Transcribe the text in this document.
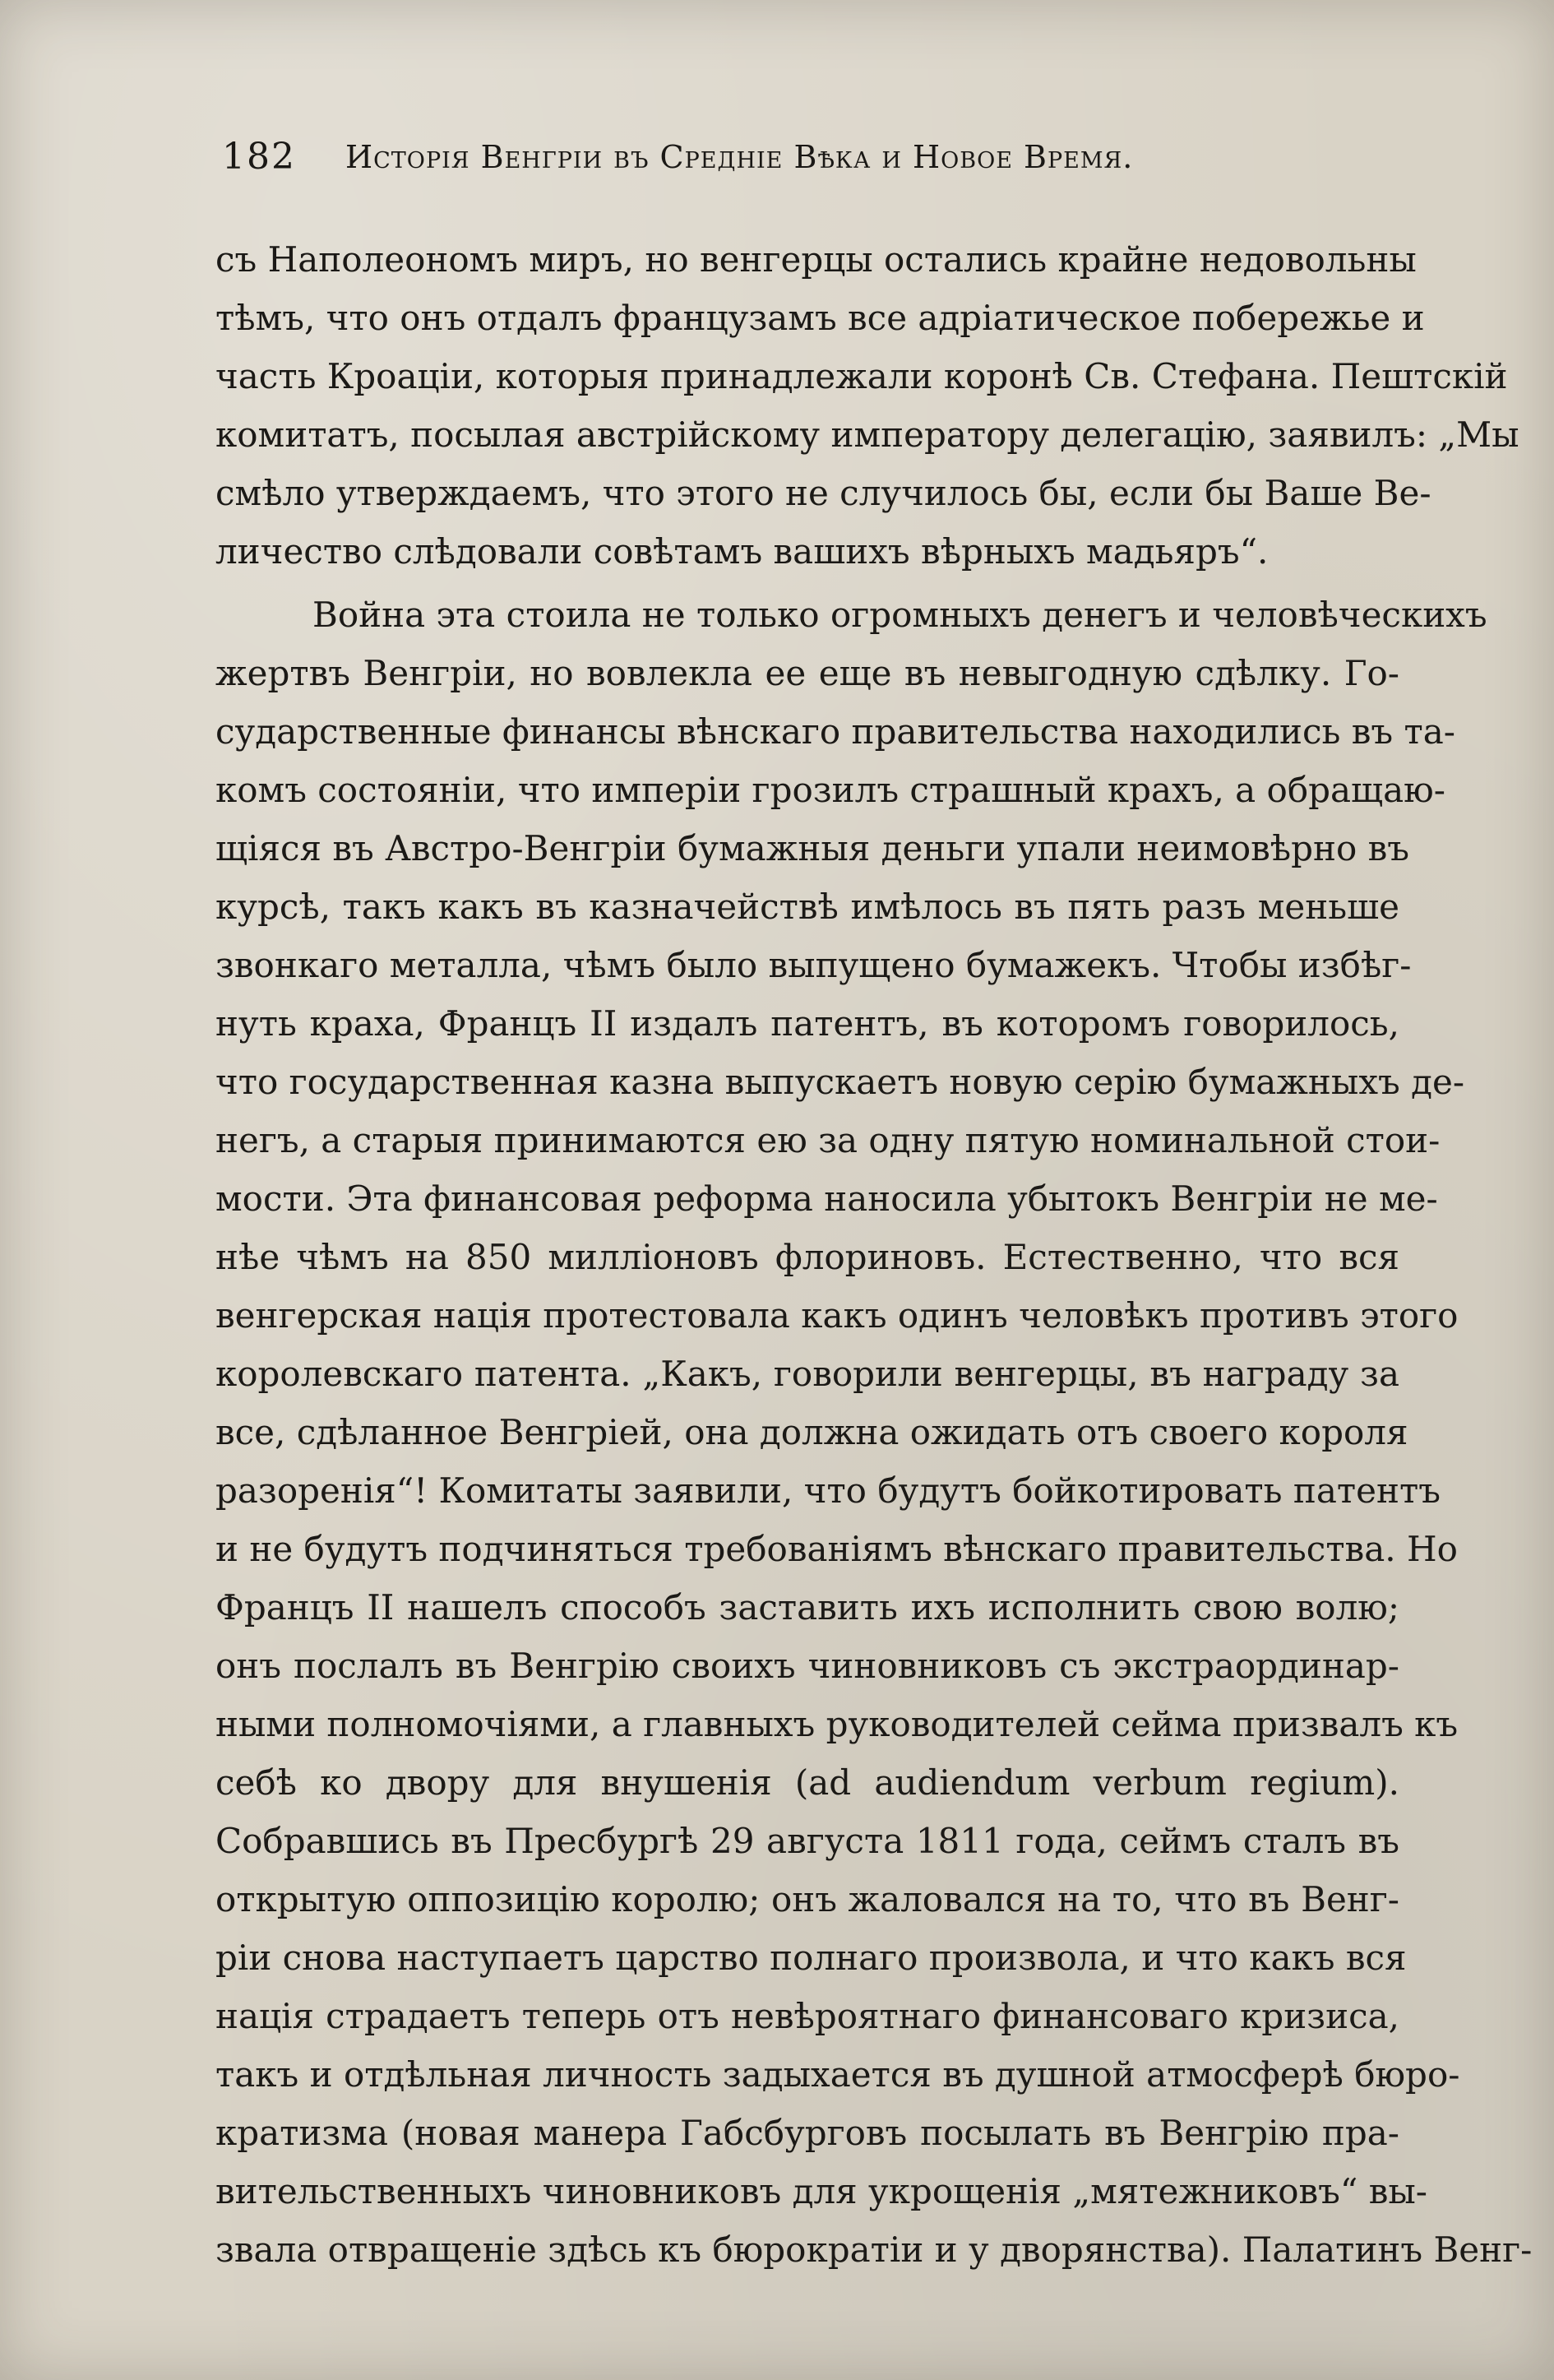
182 Исторія Венгріи въ Средніе Вѣка и Новое Время.
съ Наполеономъ миръ, но венгерцы остались крайне недовольны
тѣмъ, что онъ отдалъ французамъ все адріатическое побережье и
часть Кроаціи, которыя принадлежали коронѣ Св. Стефана. Пештскій
комитатъ, посылая австрійскому императору делегацію, заявилъ: „Мы
смѣло утверждаемъ, что этого не случилось бы, если бы Ваше Ве-
личество слѣдовали совѣтамъ вашихъ вѣрныхъ мадьяръ“.
Война эта стоила не только огромныхъ денегъ и человѣческихъ
жертвъ Венгріи, но вовлекла ее еще въ невыгодную сдѣлку. Го-
сударственные финансы вѣнскаго правительства находились въ та-
комъ состояніи, что имперіи грозилъ страшный крахъ, а обращаю-
щіяся въ Австро-Венгріи бумажныя деньги упали неимовѣрно въ
курсѣ, такъ какъ въ казначействѣ имѣлось въ пять разъ меньше
звонкаго металла, чѣмъ было выпущено бумажекъ. Чтобы избѣг-
нуть краха, Францъ II издалъ патентъ, въ которомъ говорилось,
что государственная казна выпускаетъ новую серію бумажныхъ де-
негъ, а старыя принимаются ею за одну пятую номинальной стои-
мости. Эта финансовая реформа наносила убытокъ Венгріи не ме-
нѣе чѣмъ на 850 милліоновъ флориновъ. Естественно, что вся
венгерская нація протестовала какъ одинъ человѣкъ противъ этого
королевскаго патента. „Какъ, говорили венгерцы, въ награду за
все, сдѣланное Венгріей, она должна ожидать отъ своего короля
разоренія“! Комитаты заявили, что будутъ бойкотировать патентъ
и не будутъ подчиняться требованіямъ вѣнскаго правительства. Но
Францъ II нашелъ способъ заставить ихъ исполнить свою волю;
онъ послалъ въ Венгрію своихъ чиновниковъ съ экстраординар-
ными полномочіями, а главныхъ руководителей сейма призвалъ къ
себѣ ко двору для внушенія (ad audiendum verbum regium).
Собравшись въ Пресбургѣ 29 августа 1811 года, сеймъ сталъ въ
открытую оппозицію королю; онъ жаловался на то, что въ Венг-
ріи снова наступаетъ царство полнаго произвола, и что какъ вся
нація страдаетъ теперь отъ невѣроятнаго финансоваго кризиса,
такъ и отдѣльная личность задыхается въ душной атмосферѣ бюро-
кратизма (новая манера Габсбурговъ посылать въ Венгрію пра-
вительственныхъ чиновниковъ для укрощенія „мятежниковъ“ вы-
звала отвращеніе здѣсь къ бюрократіи и у дворянства). Палатинъ Венг-
